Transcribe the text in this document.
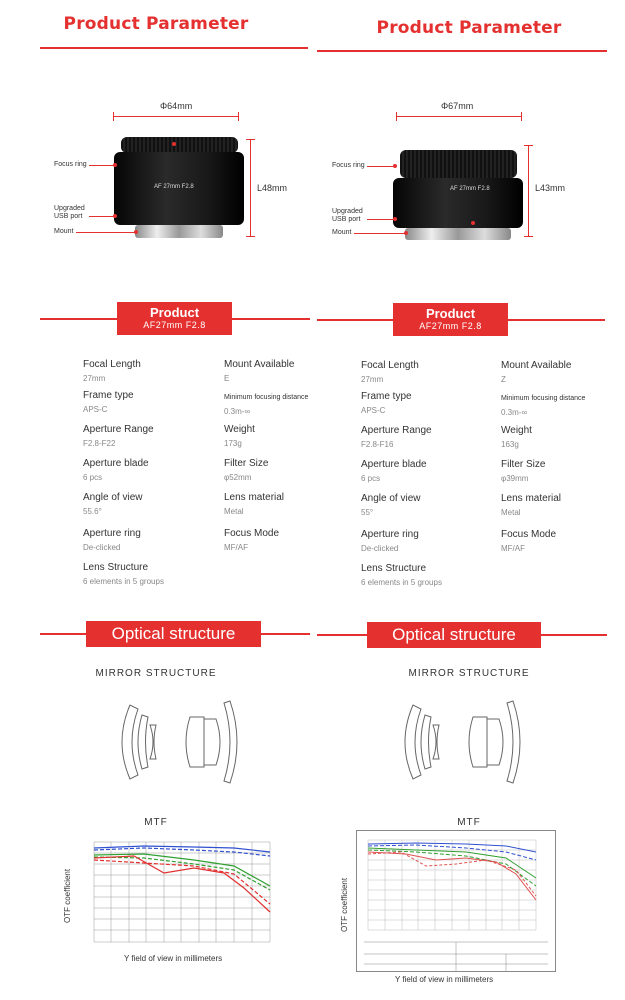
Product Parameter
Φ64mm
L48mm
AF 27mm F2.8
Focus ring
Upgraded
USB port
Mount
Product
AF27mm F2.8
Focal Length
27mm
Frame type
APS-C
Aperture Range
F2.8-F22
Aperture blade
6 pcs
Angle of view
55.6°
Aperture ring
De-clicked
Lens Structure
6 elements in 5 groups
Mount Available
E
Minimum focusing distance
0.3m-∞
Weight
173g
Filter Size
φ52mm
Lens material
Metal
Focus Mode
MF/AF
Optical structure
MIRROR STRUCTURE
MTF
OTF coefficient
Y field of view in millimeters
Product Parameter
Φ67mm
L43mm
AF 27mm F2.8
Focus ring
Upgraded
USB port
Mount
Product
AF27mm F2.8
Focal Length
27mm
Frame type
APS-C
Aperture Range
F2.8-F16
Aperture blade
6 pcs
Angle of view
55°
Aperture ring
De-clicked
Lens Structure
6 elements in 5 groups
Mount Available
Z
Minimum focusing distance
0.3m-∞
Weight
163g
Filter Size
φ39mm
Lens material
Metal
Focus Mode
MF/AF
Optical structure
MIRROR STRUCTURE
MTF
OTF coefficient
Y field of view in millimeters
